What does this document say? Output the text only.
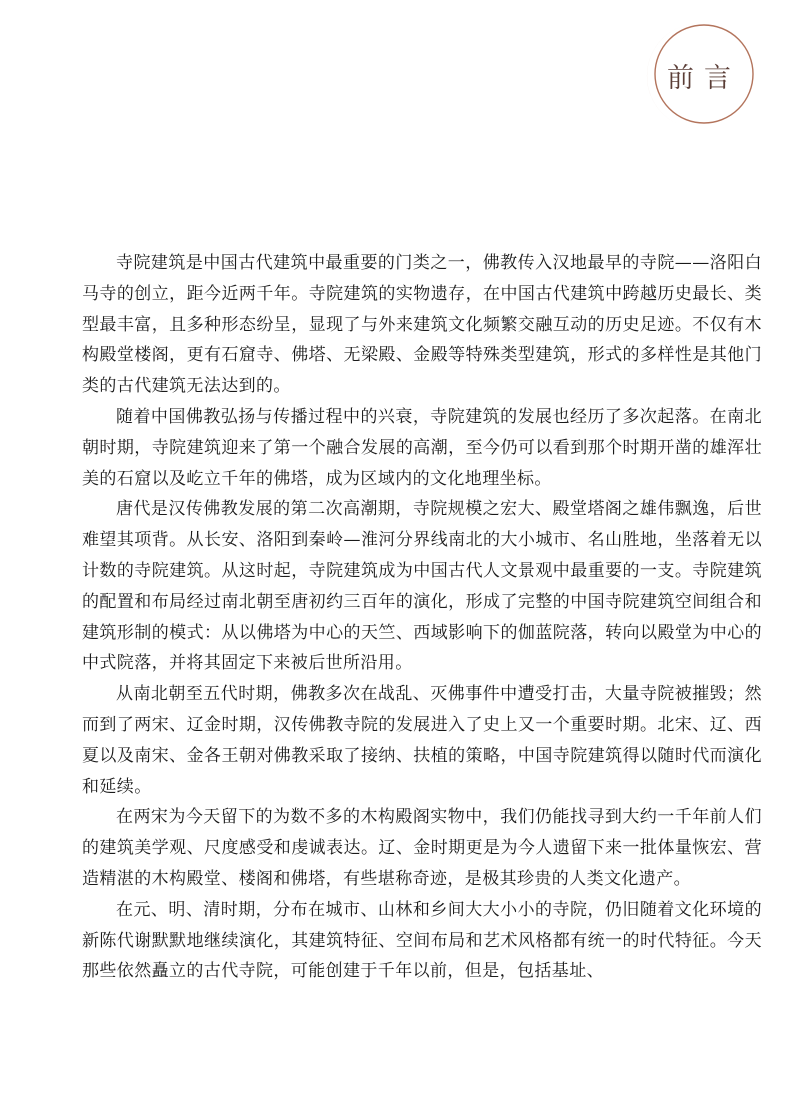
前言

寺院建筑是中国古代建筑中最重要的门类之一，佛教传入汉地最早的寺院——洛阳白马寺的创立，距今近两千年。寺院建筑的实物遗存，在中国古代建筑中跨越历史最长、类型最丰富，且多种形态纷呈，显现了与外来建筑文化频繁交融互动的历史足迹。不仅有木构殿堂楼阁，更有石窟寺、佛塔、无梁殿、金殿等特殊类型建筑，形式的多样性是其他门类的古代建筑无法达到的。

随着中国佛教弘扬与传播过程中的兴衰，寺院建筑的发展也经历了多次起落。在南北朝时期，寺院建筑迎来了第一个融合发展的高潮，至今仍可以看到那个时期开凿的雄浑壮美的石窟以及屹立千年的佛塔，成为区域内的文化地理坐标。

唐代是汉传佛教发展的第二次高潮期，寺院规模之宏大、殿堂塔阁之雄伟飘逸，后世难望其项背。从长安、洛阳到秦岭—淮河分界线南北的大小城市、名山胜地，坐落着无以计数的寺院建筑。从这时起，寺院建筑成为中国古代人文景观中最重要的一支。寺院建筑的配置和布局经过南北朝至唐初约三百年的演化，形成了完整的中国寺院建筑空间组合和建筑形制的模式：从以佛塔为中心的天竺、西域影响下的伽蓝院落，转向以殿堂为中心的中式院落，并将其固定下来被后世所沿用。

从南北朝至五代时期，佛教多次在战乱、灭佛事件中遭受打击，大量寺院被摧毁；然而到了两宋、辽金时期，汉传佛教寺院的发展进入了史上又一个重要时期。北宋、辽、西夏以及南宋、金各王朝对佛教采取了接纳、扶植的策略，中国寺院建筑得以随时代而演化和延续。

在两宋为今天留下的为数不多的木构殿阁实物中，我们仍能找寻到大约一千年前人们的建筑美学观、尺度感受和虔诚表达。辽、金时期更是为今人遗留下来一批体量恢宏、营造精湛的木构殿堂、楼阁和佛塔，有些堪称奇迹，是极其珍贵的人类文化遗产。

在元、明、清时期，分布在城市、山林和乡间大大小小的寺院，仍旧随着文化环境的新陈代谢默默地继续演化，其建筑特征、空间布局和艺术风格都有统一的时代特征。今天那些依然矗立的古代寺院，可能创建于千年以前，但是，包括基址、
